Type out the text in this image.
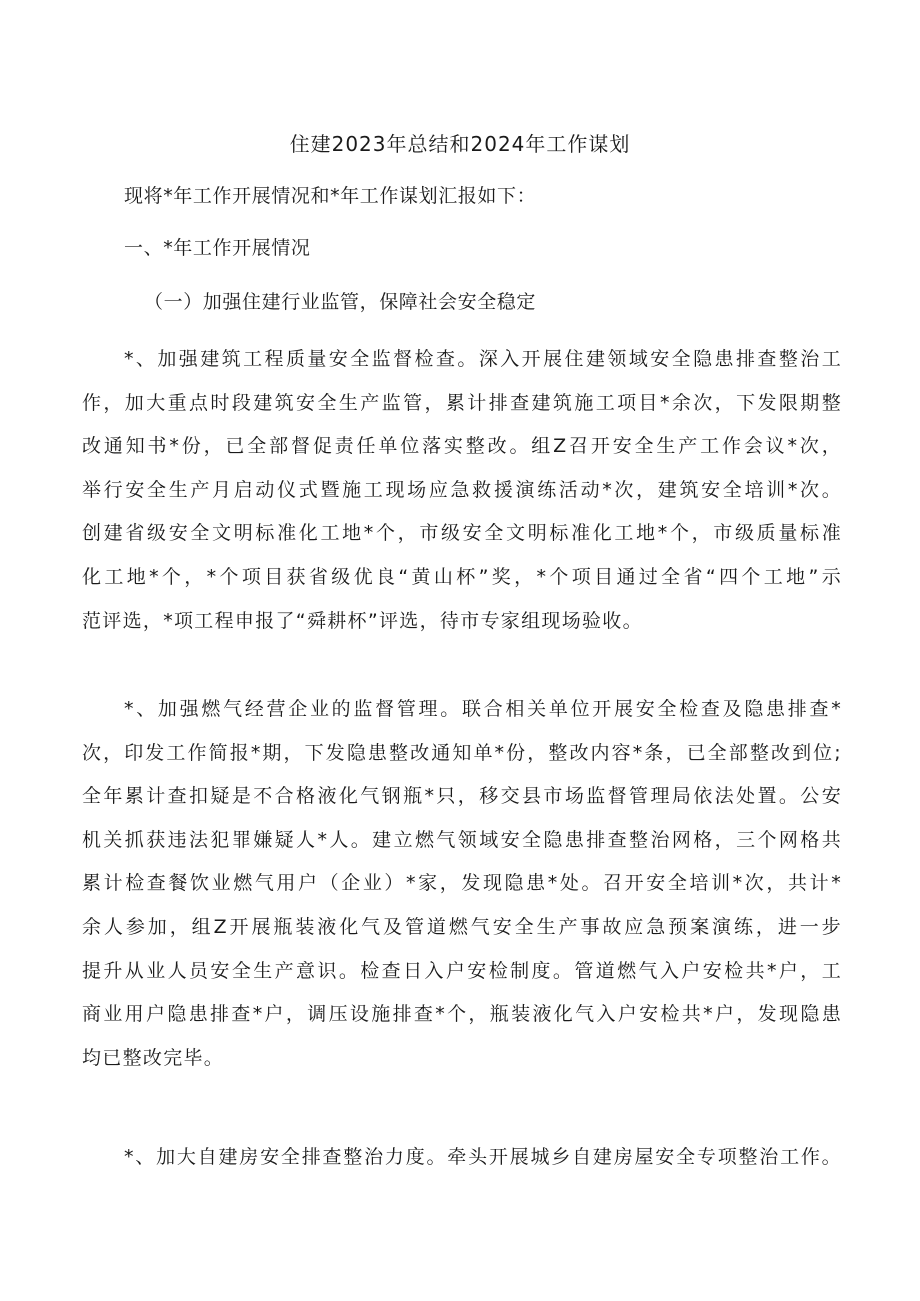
住建2023年总结和2024年工作谋划
现将*年工作开展情况和*年工作谋划汇报如下：
一、*年工作开展情况
（一）加强住建行业监管，保障社会安全稳定
*、加强建筑工程质量安全监督检查。深入开展住建领域安全隐患排查整治工
作，加大重点时段建筑安全生产监管，累计排查建筑施工项目*余次，下发限期整
改通知书*份，已全部督促责任单位落实整改。组Z召开安全生产工作会议*次，
举行安全生产月启动仪式暨施工现场应急救援演练活动*次，建筑安全培训*次。
创建省级安全文明标准化工地*个，市级安全文明标准化工地*个，市级质量标准
化工地*个，*个项目获省级优良“黄山杯”奖，*个项目通过全省“四个工地”示
范评选，*项工程申报了“舜耕杯”评选，待市专家组现场验收。
*、加强燃气经营企业的监督管理。联合相关单位开展安全检查及隐患排查*
次，印发工作简报*期，下发隐患整改通知单*份，整改内容*条，已全部整改到位;
全年累计查扣疑是不合格液化气钢瓶*只，移交县市场监督管理局依法处置。公安
机关抓获违法犯罪嫌疑人*人。建立燃气领域安全隐患排查整治网格，三个网格共
累计检查餐饮业燃气用户（企业）*家，发现隐患*处。召开安全培训*次，共计*
余人参加，组Z开展瓶装液化气及管道燃气安全生产事故应急预案演练，进一步
提升从业人员安全生产意识。检查日入户安检制度。管道燃气入户安检共*户，工
商业用户隐患排查*户，调压设施排查*个，瓶装液化气入户安检共*户，发现隐患
均已整改完毕。
*、加大自建房安全排查整治力度。牵头开展城乡自建房屋安全专项整治工作。
